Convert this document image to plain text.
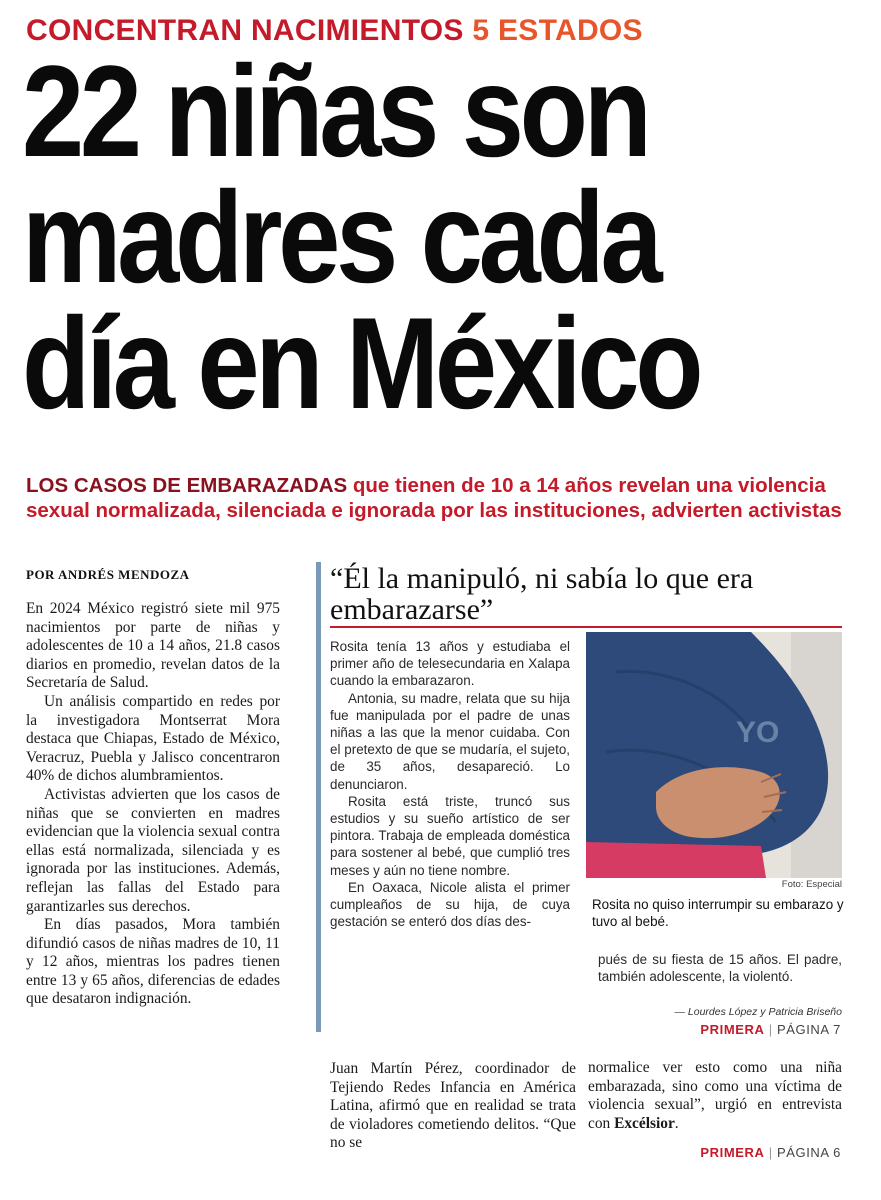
CONCENTRAN NACIMIENTOS 5 ESTADOS
22 niñas son
madres cada
día en México
LOS CASOS DE EMBARAZADAS que tienen de 10 a 14 años revelan una violencia sexual normalizada, silenciada e ignorada por las instituciones, advierten activistas
POR ANDRÉS MENDOZA

En 2024 México registró siete mil 975 nacimientos por parte de niñas y adolescentes de 10 a 14 años, 21.8 casos diarios en promedio, revelan datos de la Secretaría de Salud.

Un análisis compartido en redes por la investigadora Montserrat Mora destaca que Chiapas, Estado de México, Veracruz, Puebla y Jalisco concentraron 40% de dichos alumbramientos.

Activistas advierten que los casos de niñas que se convierten en madres evidencian que la violencia sexual contra ellas está normalizada, silenciada y es ignorada por las instituciones. Además, reflejan las fallas del Estado para garantizarles sus derechos.

En días pasados, Mora también difundió casos de niñas madres de 10, 11 y 12 años, mientras los padres tienen entre 13 y 65 años, diferencias de edades que desataron indignación.

“Él la manipuló, ni sabía lo que era embarazarse”

Rosita tenía 13 años y estudiaba el primer año de telesecundaria en Xalapa cuando la embarazaron.

Antonia, su madre, relata que su hija fue manipulada por el padre de unas niñas a las que la menor cuidaba. Con el pretexto de que se mudaría, el sujeto, de 35 años, desapareció. Lo denunciaron.

Rosita está triste, truncó sus estudios y su sueño artístico de ser pintora. Trabaja de empleada doméstica para sostener al bebé, que cumplió tres meses y aún no tiene nombre.

En Oaxaca, Nicole alista el primer cumpleaños de su hija, de cuya gestación se enteró dos días des-

YO
Foto: Especial
Rosita no quiso interrumpir su embarazo y tuvo al bebé.

pués de su fiesta de 15 años. El padre, también adolescente, la violentó.

— Lourdes López y Patricia Briseño
PRIMERA | PÁGINA 7

Juan Martín Pérez, coordinador de Tejiendo Redes Infancia en América Latina, afirmó que en realidad se trata de violadores cometiendo delitos. “Que no se

normalice ver esto como una niña embarazada, sino como una víctima de violencia sexual”, urgió en entrevista con Excélsior.

PRIMERA | PÁGINA 6
